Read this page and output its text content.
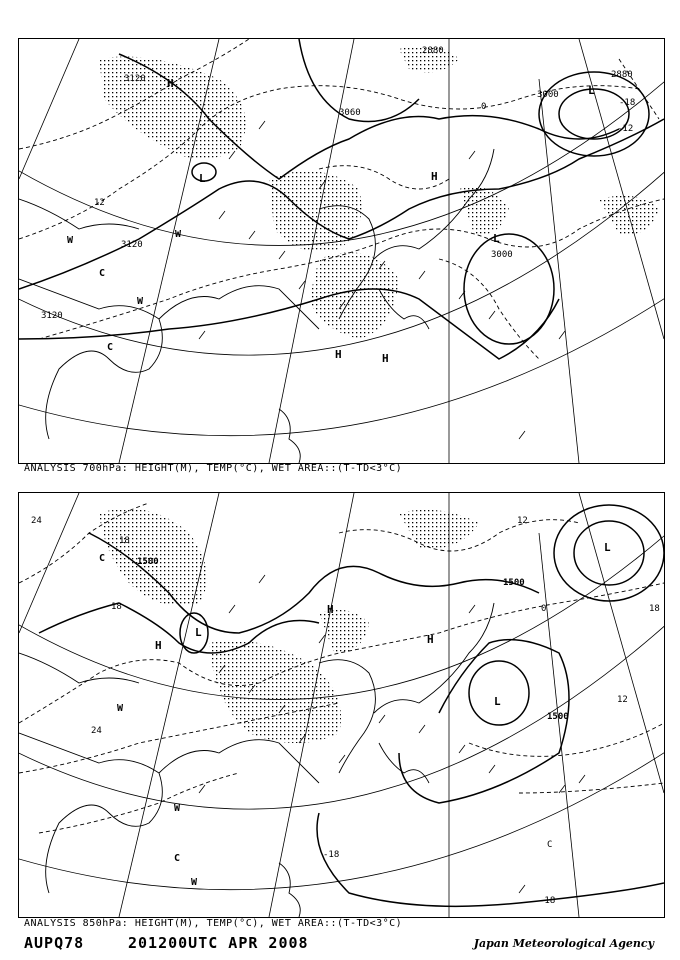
3120
3120
3120
3060
3000
2880
2880
3000
12
0
-12
-18
H
H
L
L
L
H	H
W
W
C
C
W
ANALYSIS 700hPa: HEIGHT(M), TEMP(°C), WET AREA::(T-TD<3°C)
1500
1500
1500
24
18
12
0
12
-18
-18
24
18
18
C
H
L
L
L
H
H
C
W
W
W
C
ANALYSIS 850hPa: HEIGHT(M), TEMP(°C), WET AREA::(T-TD<3°C)
AUPQ78	201200UTC APR 2008	Japan Meteorological Agency
